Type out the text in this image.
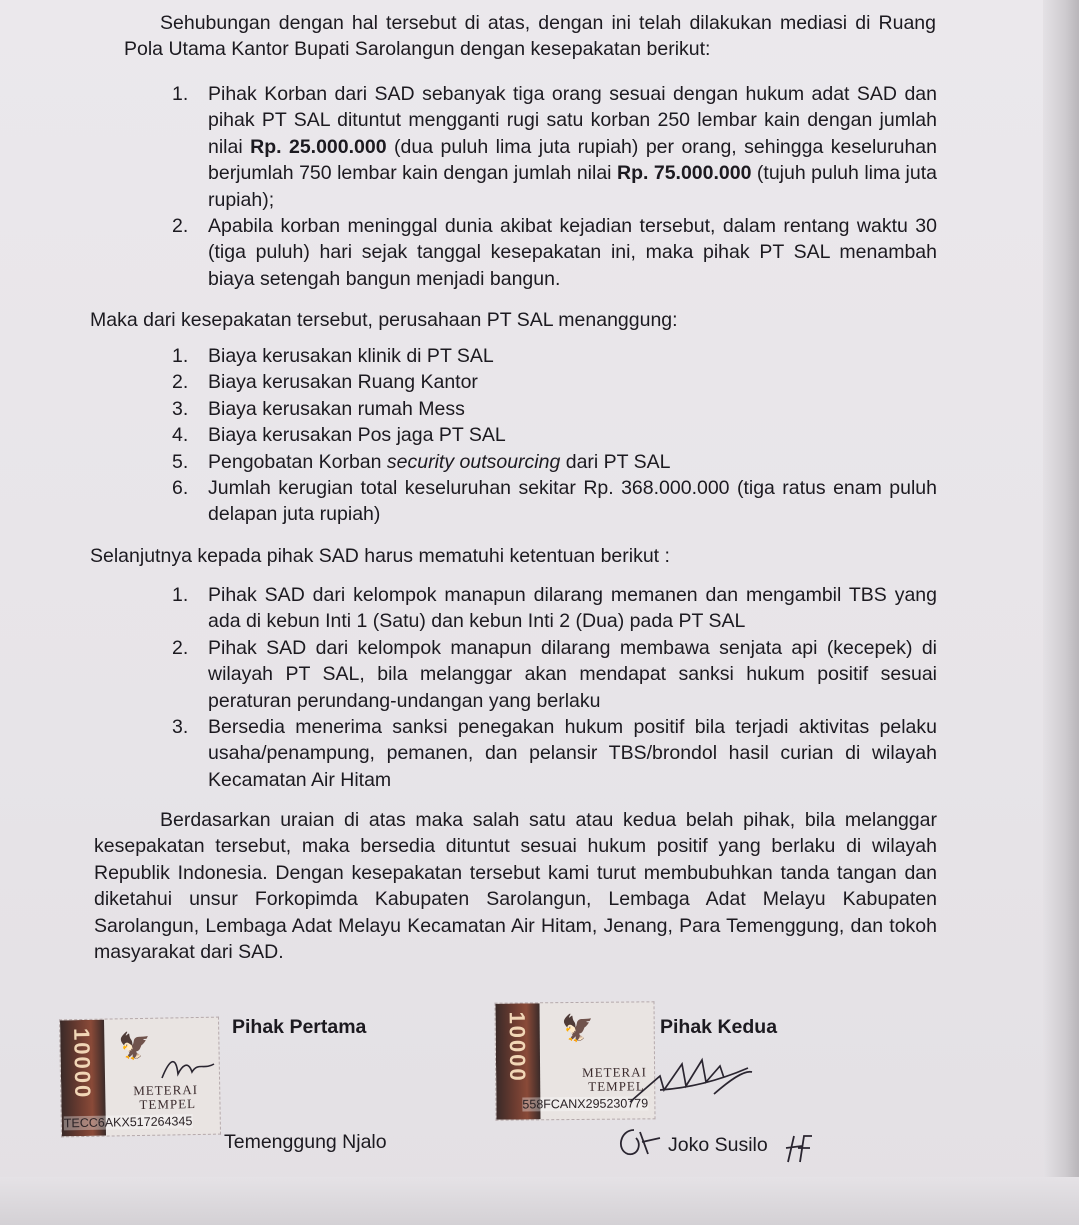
Sehubungan dengan hal tersebut di atas, dengan ini telah dilakukan mediasi di Ruang Pola Utama Kantor Bupati Sarolangun dengan kesepakatan berikut:

1. Pihak Korban dari SAD sebanyak tiga orang sesuai dengan hukum adat SAD dan pihak PT SAL dituntut mengganti rugi satu korban 250 lembar kain dengan jumlah nilai Rp. 25.000.000 (dua puluh lima juta rupiah) per orang, sehingga keseluruhan berjumlah 750 lembar kain dengan jumlah nilai Rp. 75.000.000 (tujuh puluh lima juta rupiah);
2. Apabila korban meninggal dunia akibat kejadian tersebut, dalam rentang waktu 30 (tiga puluh) hari sejak tanggal kesepakatan ini, maka pihak PT SAL menambah biaya setengah bangun menjadi bangun.

Maka dari kesepakatan tersebut, perusahaan PT SAL menanggung:

1. Biaya kerusakan klinik di PT SAL
2. Biaya kerusakan Ruang Kantor
3. Biaya kerusakan rumah Mess
4. Biaya kerusakan Pos jaga PT SAL
5. Pengobatan Korban security outsourcing dari PT SAL
6. Jumlah kerugian total keseluruhan sekitar Rp. 368.000.000 (tiga ratus enam puluh delapan juta rupiah)

Selanjutnya kepada pihak SAD harus mematuhi ketentuan berikut :

1. Pihak SAD dari kelompok manapun dilarang memanen dan mengambil TBS yang ada di kebun Inti 1 (Satu) dan kebun Inti 2 (Dua) pada PT SAL
2. Pihak SAD dari kelompok manapun dilarang membawa senjata api (kecepek) di wilayah PT SAL, bila melanggar akan mendapat sanksi hukum positif sesuai peraturan perundang-undangan yang berlaku
3. Bersedia menerima sanksi penegakan hukum positif bila terjadi aktivitas pelaku usaha/penampung, pemanen, dan pelansir TBS/brondol hasil curian di wilayah Kecamatan Air Hitam

Berdasarkan uraian di atas maka salah satu atau kedua belah pihak, bila melanggar kesepakatan tersebut, maka bersedia dituntut sesuai hukum positif yang berlaku di wilayah Republik Indonesia. Dengan kesepakatan tersebut kami turut membubuhkan tanda tangan dan diketahui unsur Forkopimda Kabupaten Sarolangun, Lembaga Adat Melayu Kabupaten Sarolangun, Lembaga Adat Melayu Kecamatan Air Hitam, Jenang, Para Temenggung, dan tokoh masyarakat dari SAD.

10000 🦅
METERAI
TEMPEL
TECC6AKX517264345

Pihak Pertama

Temenggung Njalo

10000 🦅
METERAI
TEMPEL
558FCANX295230779

Pihak Kedua

Joko Susilo
